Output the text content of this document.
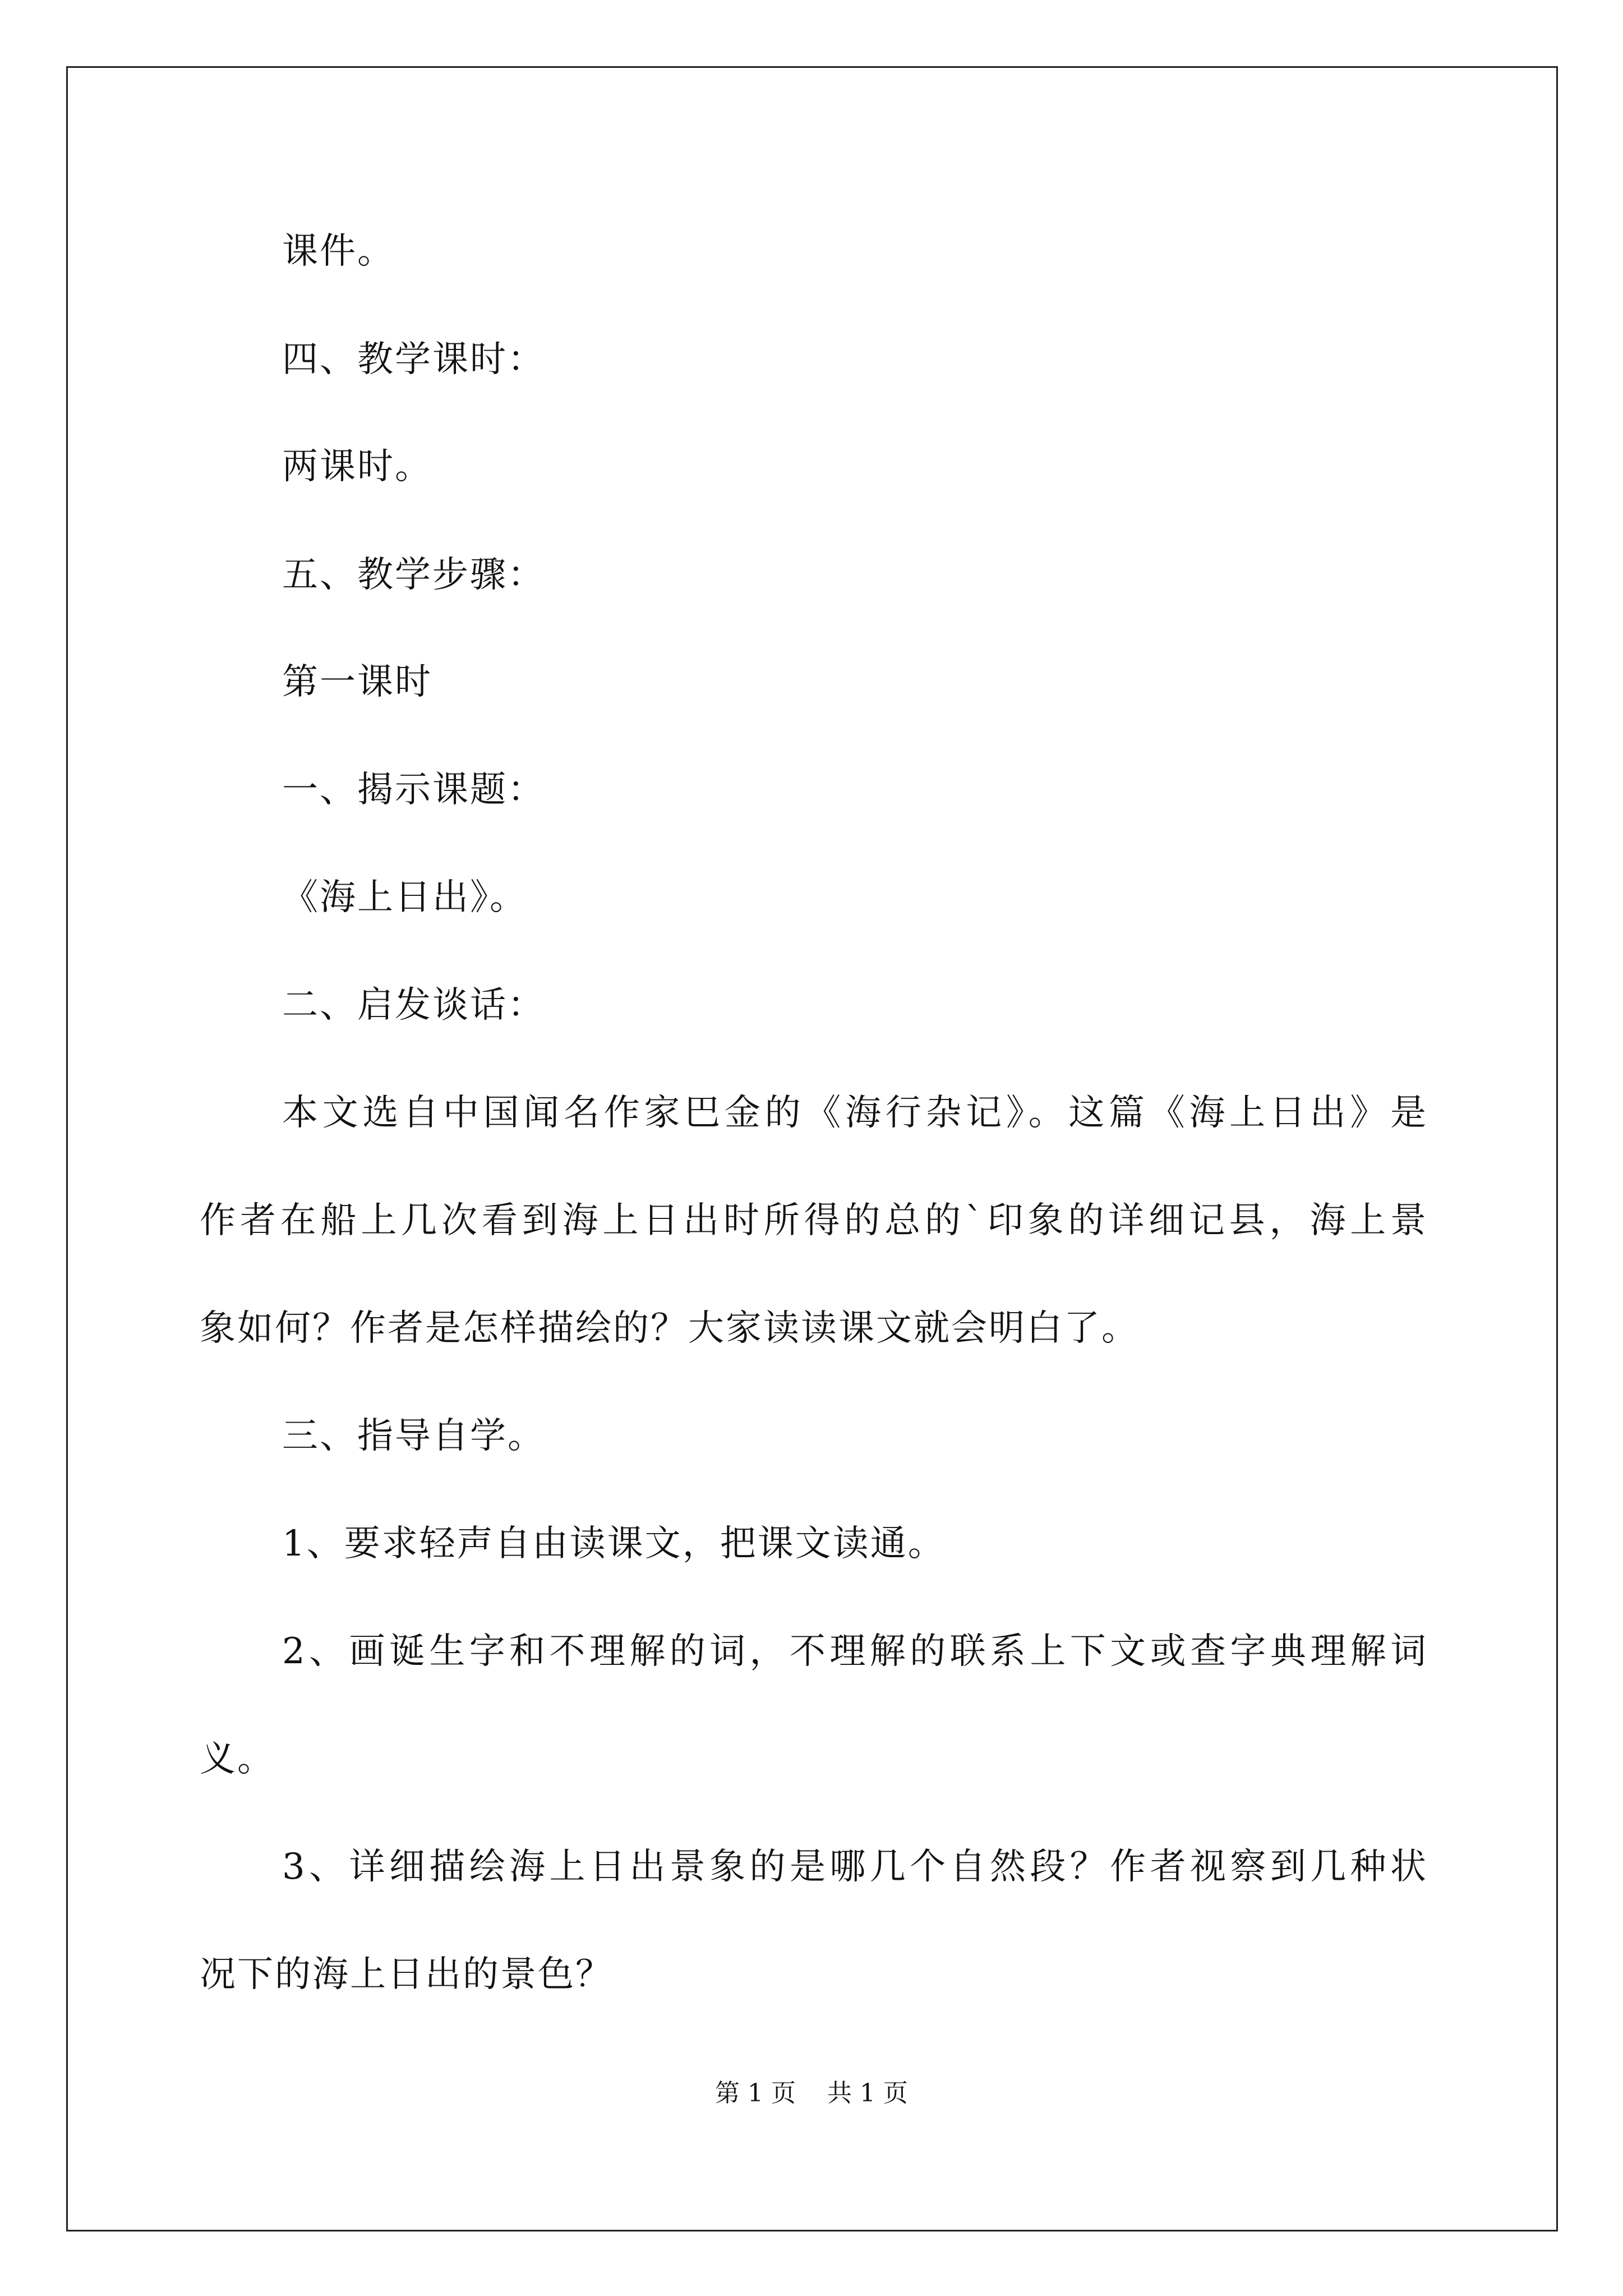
课件。
四、教学课时：
两课时。
五、教学步骤：
第一课时
一、揭示课题：
《海上日出》。
二、启发谈话：
本文选自中国闻名作家巴金的《海行杂记》。这篇《海上日出》是
作者在船上几次看到海上日出时所得的总的`印象的详细记县，海上景
象如何？作者是怎样描绘的？大家读读课文就会明白了。
三、指导自学。
1、要求轻声自由读课文，把课文读通。
2、画诞生字和不理解的词，不理解的联系上下文或查字典理解词
义。
3、详细描绘海上日出景象的是哪几个自然段？作者视察到几种状
况下的海上日出的景色？
第 1 页    共 1 页
